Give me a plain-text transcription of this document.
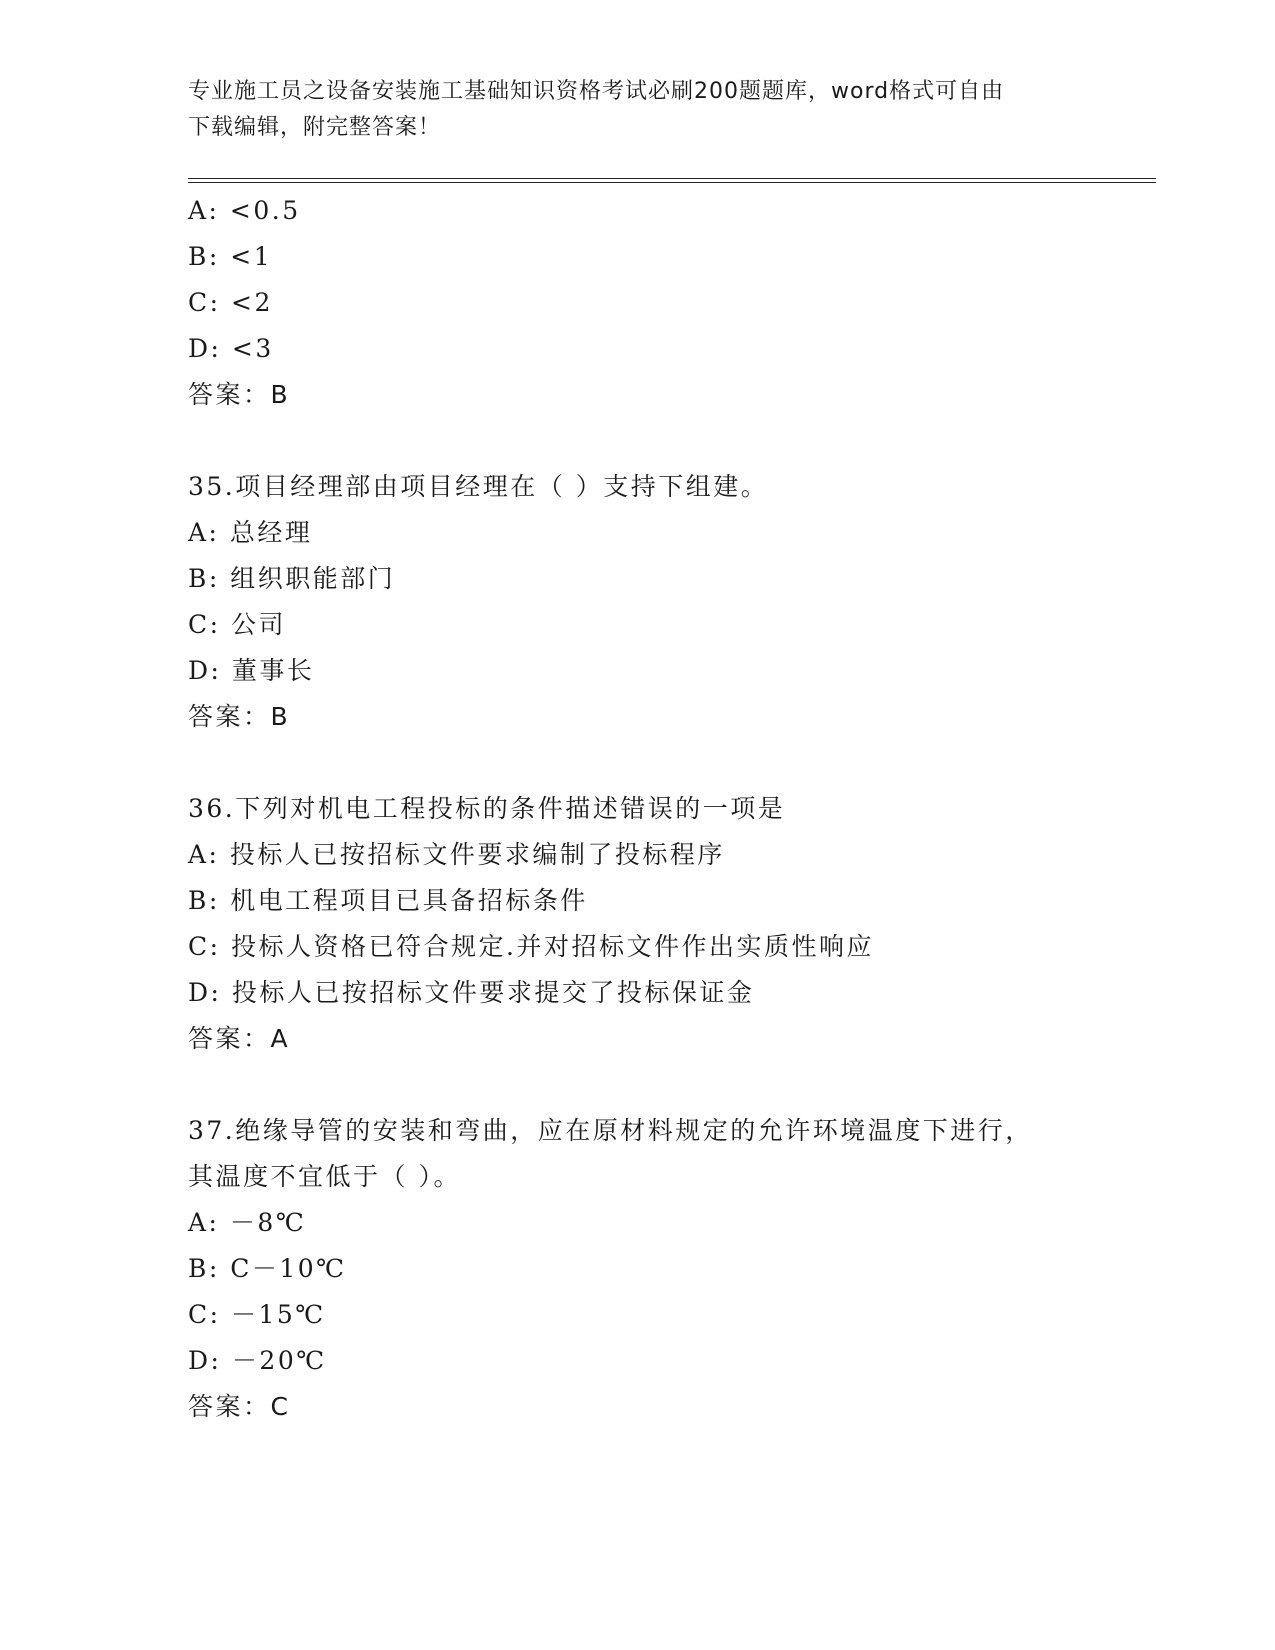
专业施工员之设备安装施工基础知识资格考试必刷200题题库，word格式可自由
下载编辑，附完整答案！
A: <0.5
B: <1
C: <2
D: <3
答案：B
35.项目经理部由项目经理在（ ）支持下组建。
A: 总经理
B: 组织职能部门
C: 公司
D: 董事长
答案：B
36.下列对机电工程投标的条件描述错误的一项是
A: 投标人已按招标文件要求编制了投标程序
B: 机电工程项目已具备招标条件
C: 投标人资格已符合规定.并对招标文件作出实质性响应
D: 投标人已按招标文件要求提交了投标保证金
答案：A
37.绝缘导管的安装和弯曲，应在原材料规定的允许环境温度下进行，
其温度不宜低于（ ）。
A: －8℃
B: C－10℃
C: －15℃
D: －20℃
答案：C
